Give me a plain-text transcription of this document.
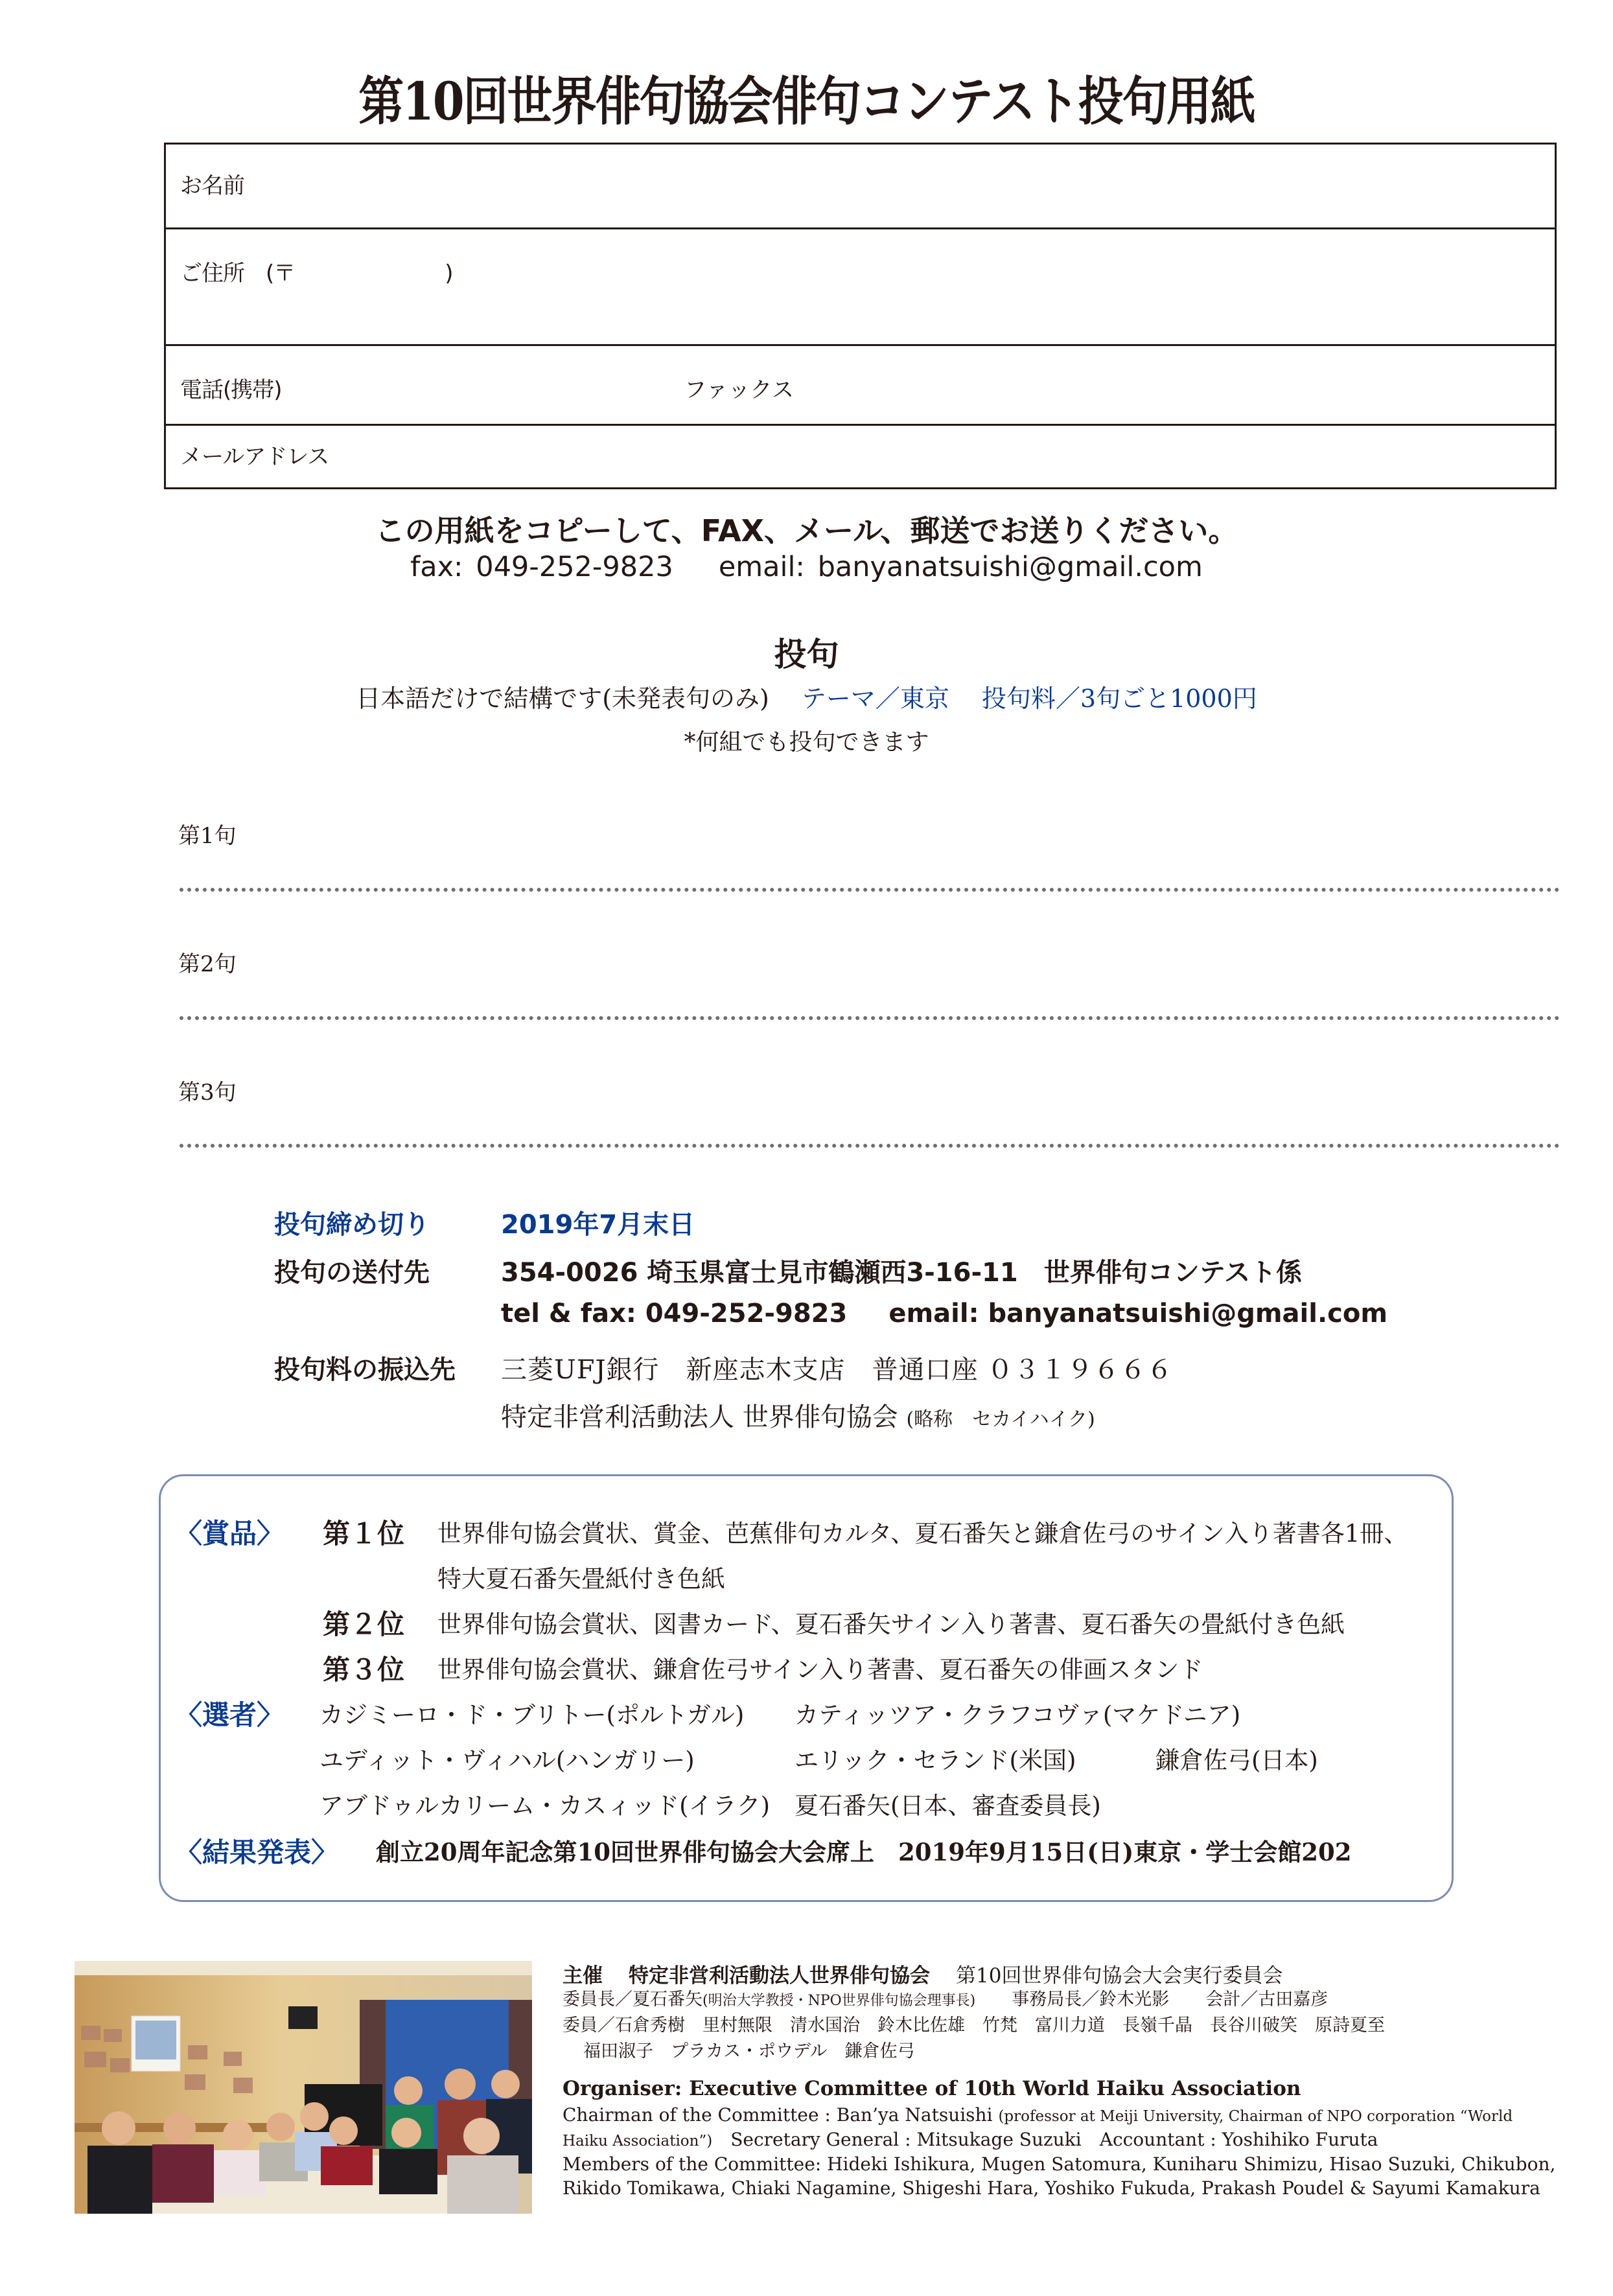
第10回世界俳句協会俳句コンテスト投句用紙
お名前
ご住所　(〒　　　　　　　)
電話(携帯)	ファックス
メールアドレス
この用紙をコピーして、FAX、メール、郵送でお送りください。
fax: 049-252-9823 email: banyanatsuishi@gmail.com
投句
日本語だけで結構です(未発表句のみ) テーマ／東京 投句料／3句ごと1000円
*何組でも投句できます
第1句
第2句
第3句
投句締め切り	2019年7月末日
投句の送付先	354-0026 埼玉県富士見市鶴瀬西3-16-11　世界俳句コンテスト係
tel & fax: 049-252-9823 email: banyanatsuishi@gmail.com
投句料の振込先 三菱UFJ銀行　新座志木支店　普通口座 ０３１９６６６
特定非営利活動法人 世界俳句協会 (略称　セカイハイク)
〈賞品〉 第１位 世界俳句協会賞状、賞金、芭蕉俳句カルタ、夏石番矢と鎌倉佐弓のサイン入り著書各1冊、
特大夏石番矢畳紙付き色紙
第２位 世界俳句協会賞状、図書カード、夏石番矢サイン入り著書、夏石番矢の畳紙付き色紙
第３位 世界俳句協会賞状、鎌倉佐弓サイン入り著書、夏石番矢の俳画スタンド
〈選者〉 カジミーロ・ド・ブリトー(ポルトガル) カティッツア・クラフコヴァ(マケドニア)
ユディット・ヴィハル(ハンガリー)	エリック・セランド(米国)	鎌倉佐弓(日本)
アブドゥルカリーム・カスィッド(イラク) 夏石番矢(日本、審査委員長)
〈結果発表〉 創立20周年記念第10回世界俳句協会大会席上　2019年9月15日(日)東京・学士会館202
主催 特定非営利活動法人世界俳句協会 第10回世界俳句協会大会実行委員会
委員長／夏石番矢(明治大学教授・NPO世界俳句協会理事長) 事務局長／鈴木光影 会計／古田嘉彦
委員／石倉秀樹　里村無限　清水国治　鈴木比佐雄　竹梵　富川力道　長嶺千晶　長谷川破笑　原詩夏至
福田淑子　プラカス・ポウデル　鎌倉佐弓
Organiser: Executive Committee of 10th World Haiku Association
Chairman of the Committee : Ban’ya Natsuishi (professor at Meiji University, Chairman of NPO corporation “World
Haiku Association”) Secretary General : Mitsukage Suzuki Accountant : Yoshihiko Furuta
Members of the Committee: Hideki Ishikura, Mugen Satomura, Kuniharu Shimizu, Hisao Suzuki, Chikubon,
Rikido Tomikawa, Chiaki Nagamine, Shigeshi Hara, Yoshiko Fukuda, Prakash Poudel & Sayumi Kamakura
